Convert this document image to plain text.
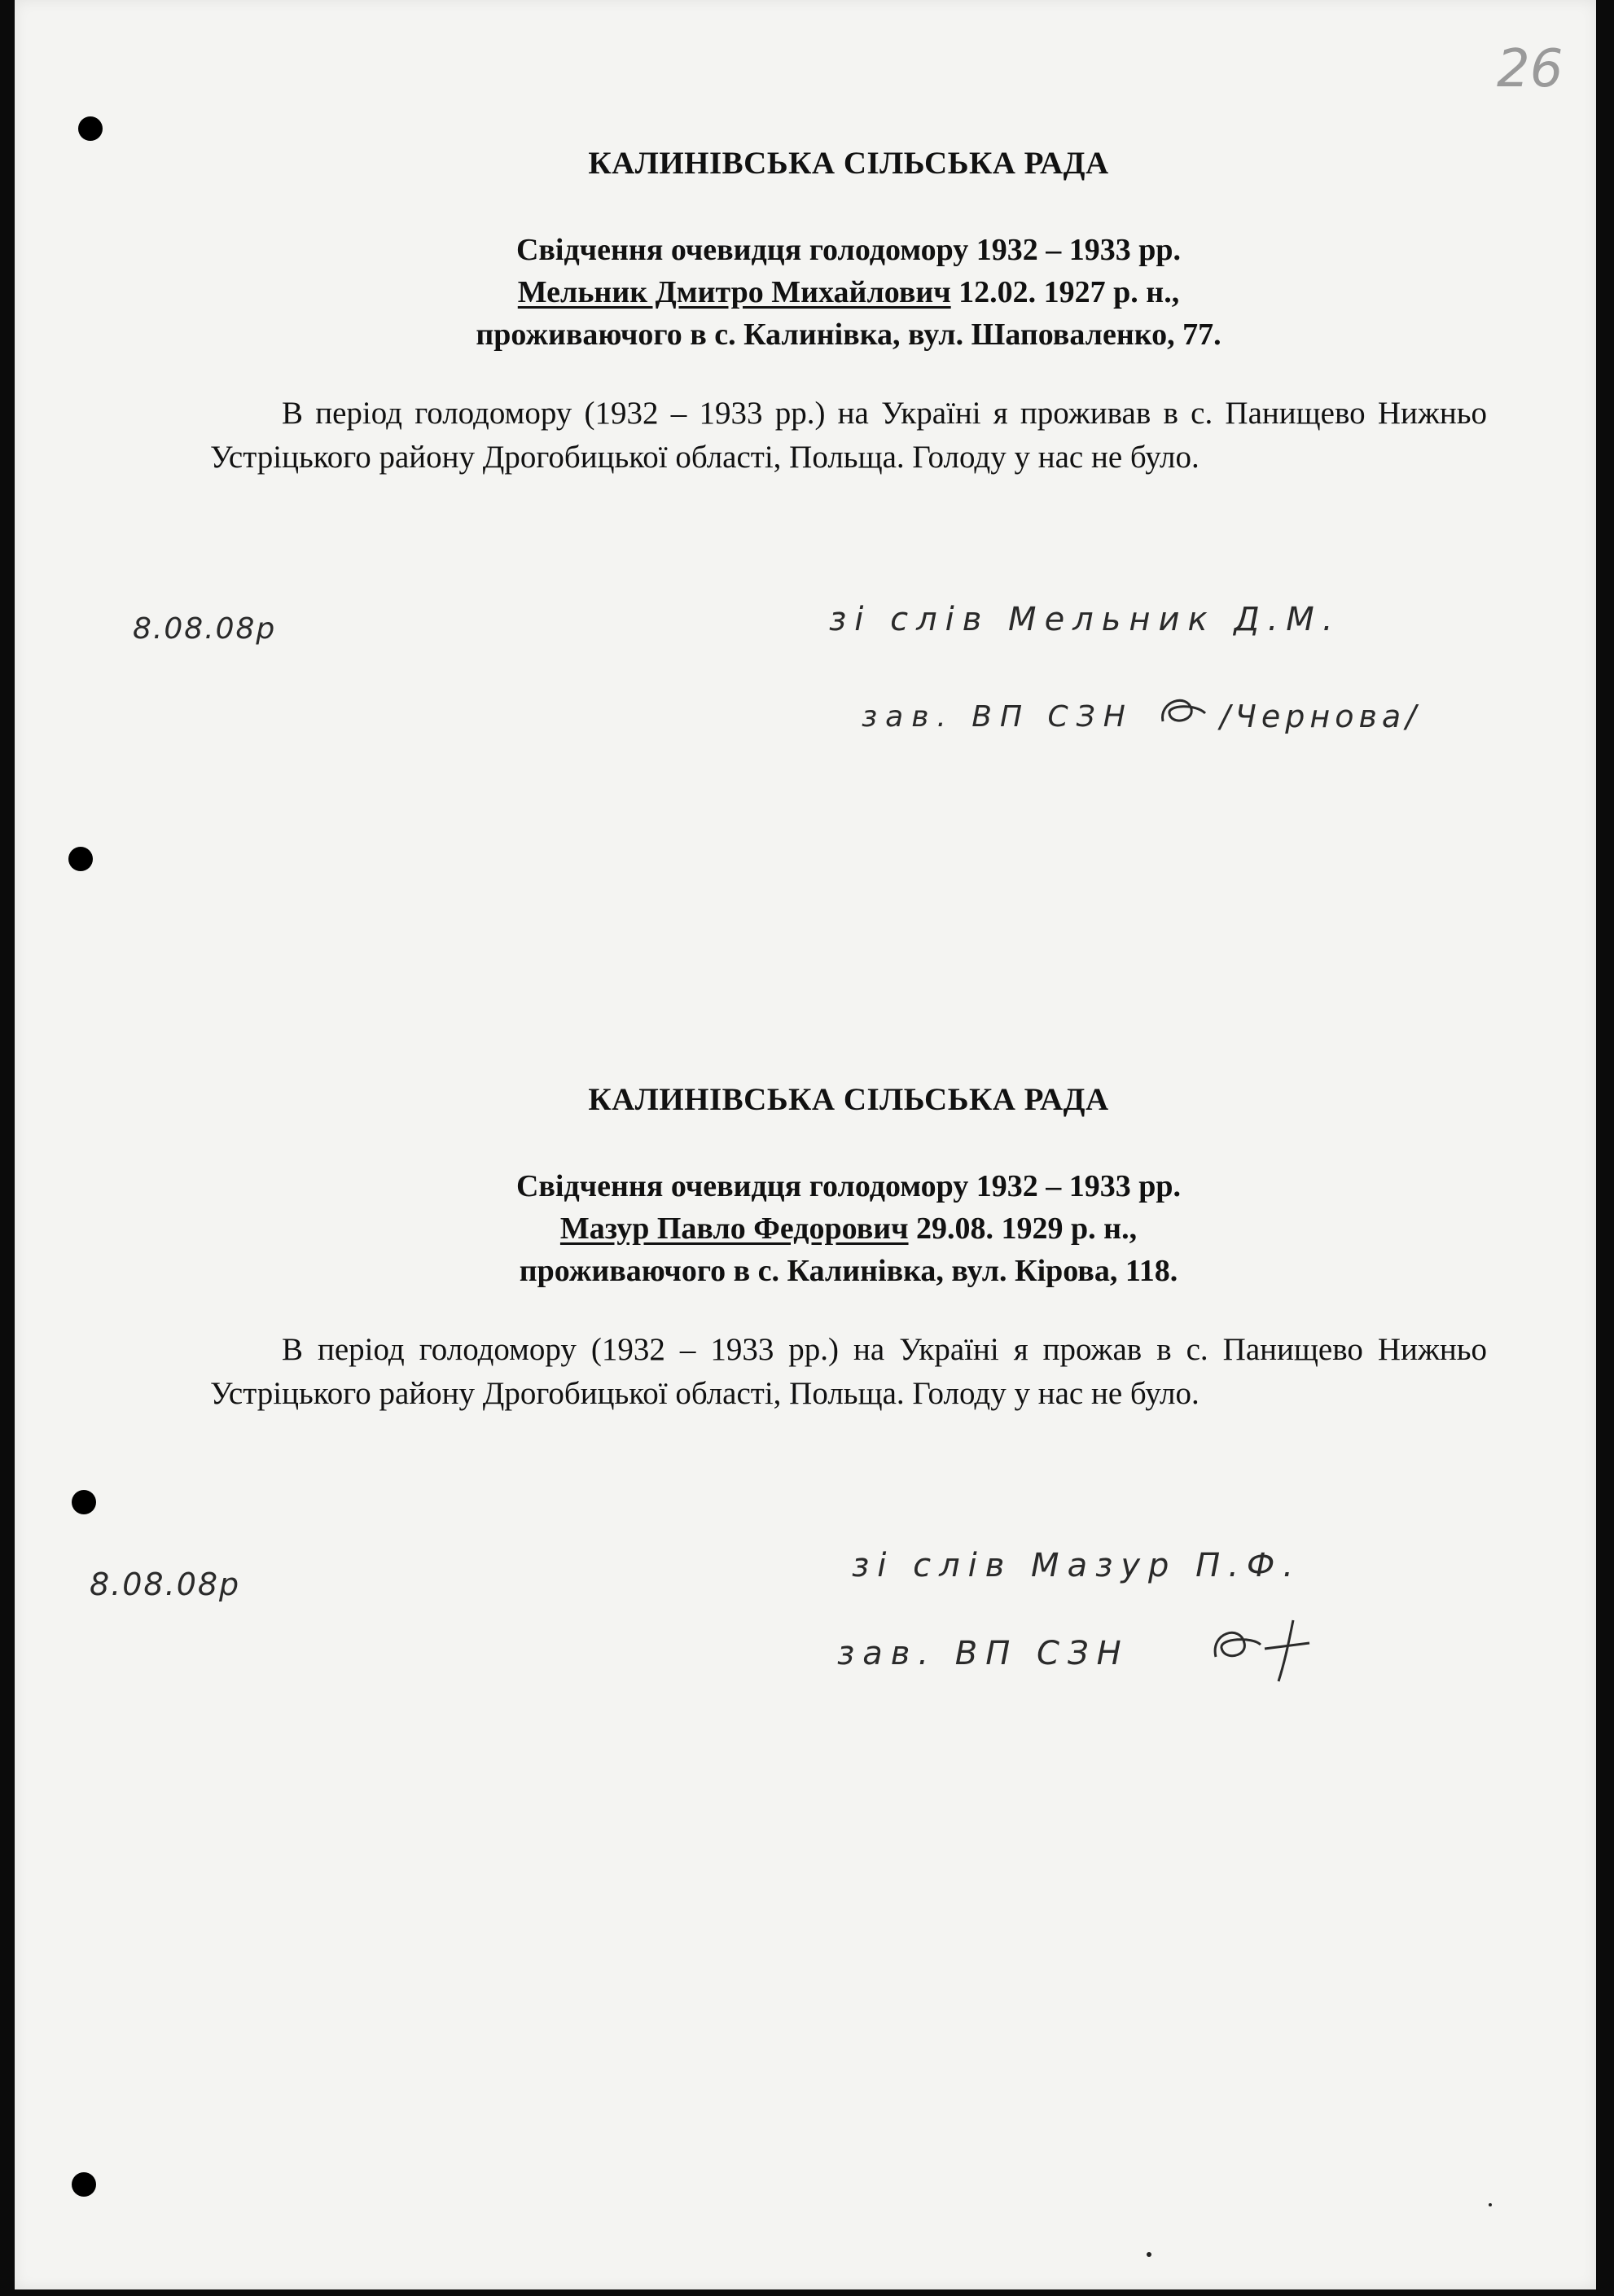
26
КАЛИНІВСЬКА СІЛЬСЬКА РАДА
Свідчення очевидця голодомору 1932 – 1933 рр.
Мельник Дмитро Михайлович 12.02. 1927 р. н.,
проживаючого в с. Калинівка, вул. Шаповаленко, 77.
В період голодомору (1932 – 1933 рр.) на Україні я проживав в с. Панищево Нижньо Устріцького району Дрогобицької області, Польща. Голоду у нас не було.
8.08.08р	зі слів Мельник Д.М.
зав. ВП СЗН	/Чернова/
КАЛИНІВСЬКА СІЛЬСЬКА РАДА
Свідчення очевидця голодомору 1932 – 1933 рр.
Мазур Павло Федорович 29.08. 1929 р. н.,
проживаючого в с. Калинівка, вул. Кірова, 118.
В період голодомору (1932 – 1933 рр.) на Україні я прожав в с. Панищево Нижньо Устріцького району Дрогобицької області, Польща. Голоду у нас не було.
8.08.08р	зі слів Мазур П.Ф.
зав. ВП СЗН
